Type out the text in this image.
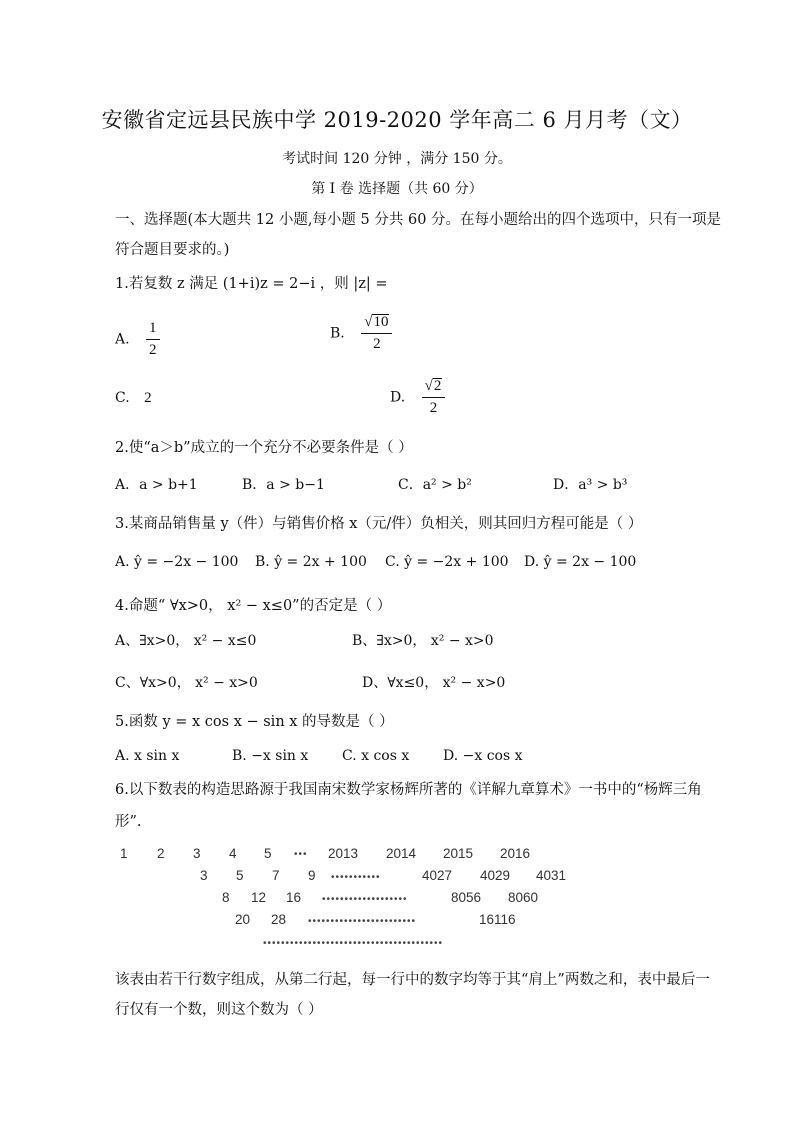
安徽省定远县民族中学 2019-2020 学年高二 6 月月考（文）
考试时间 120 分钟 ，满分 150 分。
第 I 卷 选择题（共 60 分）
一、选择题(本大题共 12 小题,每小题 5 分共 60 分。在每小题给出的四个选项中，只有一项是
符合题目要求的。)
1.若复数 z 满足 (1+i)z = 2−i ，则 |z| =
A. $\frac{1}{2}$	B. $\frac{√ 10}{2}$
C. 2	D. $\frac{√ 2}{2}$
2.使“a＞b”成立的一个充分不必要条件是（ ）
A．a > b+1	B．a > b−1	C．a² > b²	D．a³ > b³
3.某商品销售量 y（件）与销售价格 x（元/件）负相关，则其回归方程可能是（ ）
A. ŷ = −2x − 100 B. ŷ = 2x + 100 C. ŷ = −2x + 100 D. ŷ = 2x − 100
4.命题“ ∀x>0， x² − x≤0”的否定是（ ）
A、∃x>0， x² − x≤0	B、∃x>0， x² − x>0
C、∀x>0， x² − x>0	D、∀x≤0， x² − x>0
5.函数 y = x cos x − sin x 的导数是（ ）
A. x sin x	B. −x sin x C. x cos x D. −x cos x
6.以下数表的构造思路源于我国南宋数学家杨辉所著的《详解九章算术》一书中的“杨辉三角
形”.
1 2 3 4 5 ••• 2013 2014 2015 2016
3 5 7 9 •••••••••••	4027 4029 4031
8 12 16 •••••••••••••••••••	8056 8060
20 28 ••••••••••••••••••••••••	16116
••••••••••••••••••••••••••••••••••••••••
该表由若干行数字组成，从第二行起，每一行中的数字均等于其“肩上”两数之和，表中最后一
行仅有一个数，则这个数为（ ）
